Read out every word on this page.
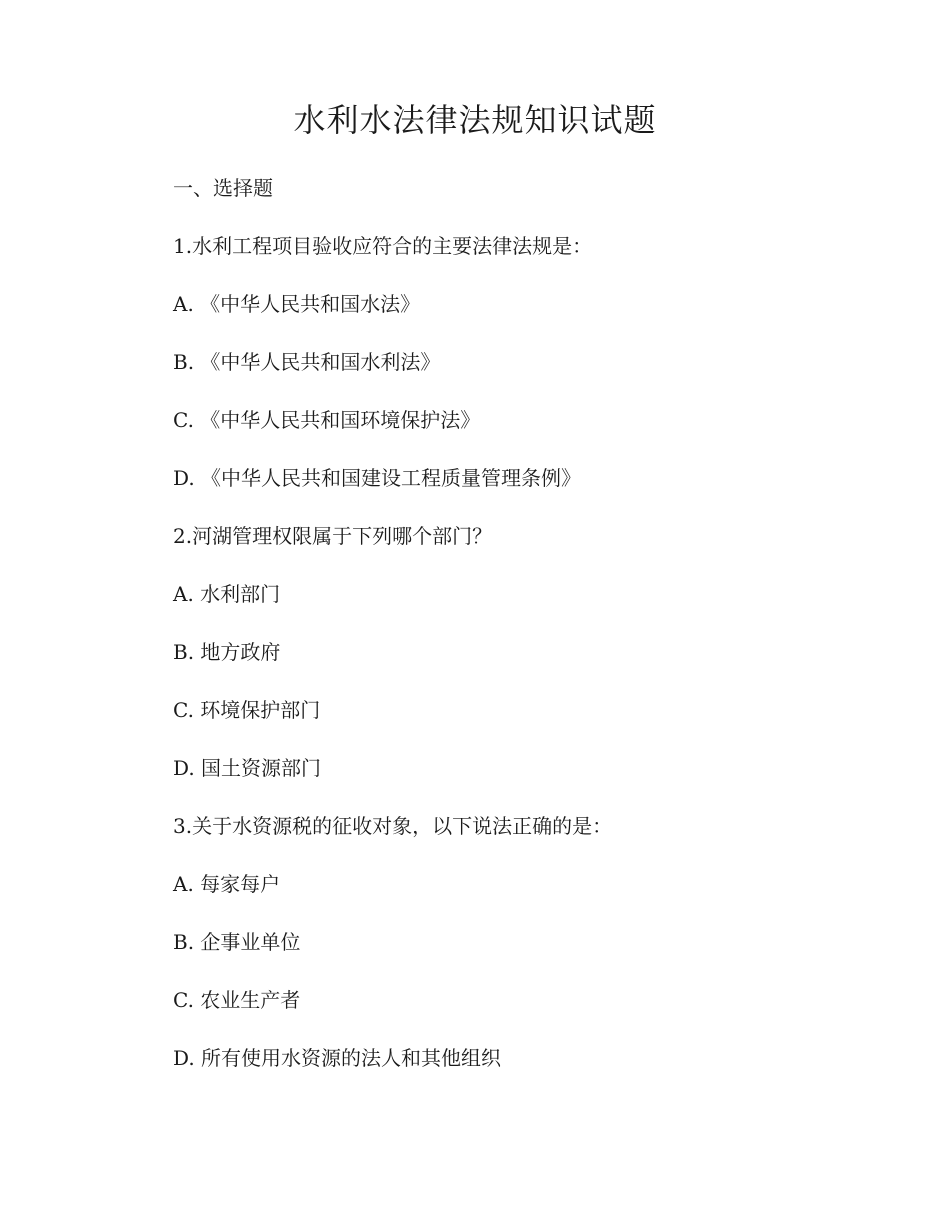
水利水法律法规知识试题
一、选择题
1.水利工程项目验收应符合的主要法律法规是：
A. 《中华人民共和国水法》
B. 《中华人民共和国水利法》
C. 《中华人民共和国环境保护法》
D. 《中华人民共和国建设工程质量管理条例》
2.河湖管理权限属于下列哪个部门？
A. 水利部门
B. 地方政府
C. 环境保护部门
D. 国土资源部门
3.关于水资源税的征收对象，以下说法正确的是：
A. 每家每户
B. 企事业单位
C. 农业生产者
D. 所有使用水资源的法人和其他组织
